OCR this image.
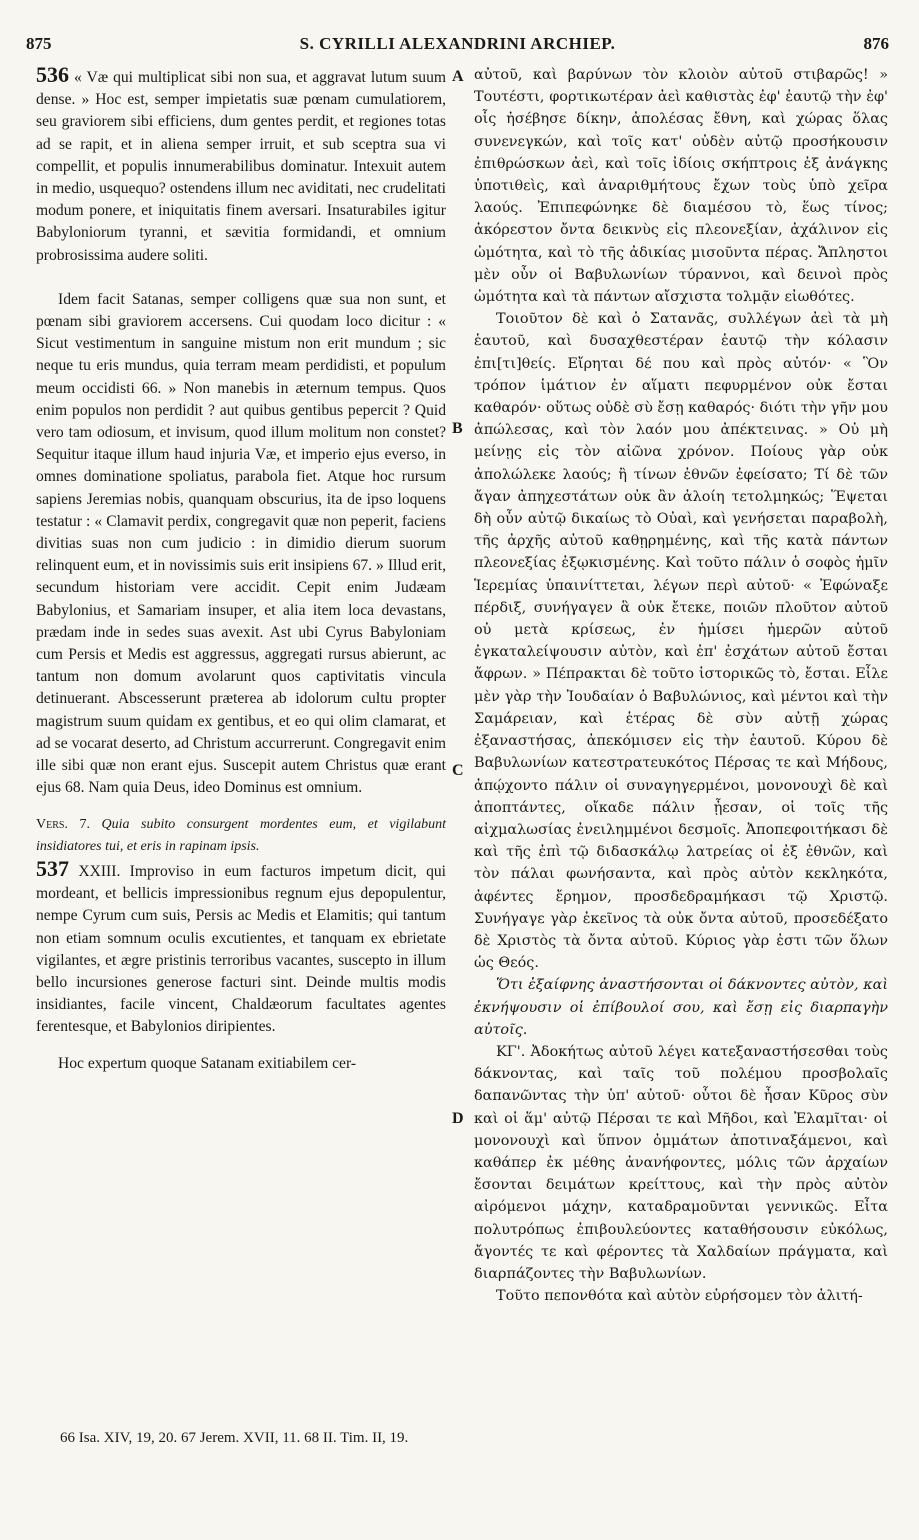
875	S. CYRILLI ALEXANDRINI ARCHIEP.	876

536 « Væ qui multiplicat sibi non sua, et aggravat lutum suum dense. » Hoc est, semper impietatis suæ pœnam cumulatiorem, seu graviorem sibi efficiens, dum gentes perdit, et regiones totas ad se rapit, et in aliena semper irruit, et sub sceptra sua vi compellit, et populis innumerabilibus dominatur. Intexuit autem in medio, usquequo? ostendens illum nec aviditati, nec crudelitati modum ponere, et iniquitatis finem aversari. Insaturabiles igitur Babyloniorum tyranni, et sævitia formidandi, et omnium probrosissima audere soliti.

Idem facit Satanas, semper colligens quæ sua non sunt, et pœnam sibi graviorem accersens. Cui quodam loco dicitur : « Sicut vestimentum in sanguine mistum non erit mundum ; sic neque tu eris mundus, quia terram meam perdidisti, et populum meum occidisti 66. » Non manebis in æternum tempus. Quos enim populos non perdidit ? aut quibus gentibus pepercit ? Quid vero tam odiosum, et invisum, quod illum molitum non constet? Sequitur itaque illum haud injuria Væ, et imperio ejus everso, in omnes dominatione spoliatus, parabola fiet. Atque hoc rursum sapiens Jeremias nobis, quanquam obscurius, ita de ipso loquens testatur : « Clamavit perdix, congregavit quæ non peperit, faciens divitias suas non cum judicio : in dimidio dierum suorum relinquent eum, et in novissimis suis erit insipiens 67. » Illud erit, secundum historiam vere accidit. Cepit enim Judæam Babylonius, et Samariam insuper, et alia item loca devastans, prædam inde in sedes suas avexit. Ast ubi Cyrus Babyloniam cum Persis et Medis est aggressus, aggregati rursus abierunt, ac tantum non domum avolarunt quos captivitatis vincula detinuerant. Abscesserunt præterea ab idolorum cultu propter magistrum suum quidam ex gentibus, et eo qui olim clamarat, et ad se vocarat deserto, ad Christum accurrerunt. Congregavit enim ille sibi quæ non erant ejus. Suscepit autem Christus quæ erant ejus 68. Nam quia Deus, ideo Dominus est omnium.

Vers. 7. Quia subito consurgent mordentes eum, et vigilabunt insidiatores tui, et eris in rapinam ipsis.

537 XXIII. Improviso in eum facturos impetum dicit, qui mordeant, et bellicis impressionibus regnum ejus depopulentur, nempe Cyrum cum suis, Persis ac Medis et Elamitis; qui tantum non etiam somnum oculis excutientes, et tanquam ex ebrietate vigilantes, et ægre pristinis terroribus vacantes, suscepto in illum bello incursiones generose facturi sint. Deinde multis modis insidiantes, facile vincent, Chaldæorum facultates agentes ferentesque, et Babylonios diripientes.

Hoc expertum quoque Satanam exitiabilem cer-

αὐτοῦ, καὶ βαρύνων τὸν κλοιὸν αὐτοῦ στιβαρῶς! » Τουτέστι, φορτικωτέραν ἀεὶ καθιστὰς ἐφ' ἑαυτῷ τὴν ἐφ' οἷς ἠσέβησε δίκην, ἀπολέσας ἔθνη, καὶ χώρας ὅλας συνενεγκών, καὶ τοῖς κατ' οὐδὲν αὐτῷ προσήκουσιν ἐπιθρώσκων ἀεὶ, καὶ τοῖς ἰδίοις σκήπτροις ἐξ ἀνάγκης ὑποτιθεὶς, καὶ ἀναριθμήτους ἔχων τοὺς ὑπὸ χεῖρα λαούς. Ἐπιπεφώνηκε δὲ διαμέσου τὸ, ἕως τίνος; ἀκόρεστον ὄντα δεικνὺς εἰς πλεονεξίαν, ἀχάλινον εἰς ὠμότητα, καὶ τὸ τῆς ἀδικίας μισοῦντα πέρας. Ἄπληστοι μὲν οὖν οἱ Βαβυλωνίων τύραννοι, καὶ δεινοὶ πρὸς ὠμότητα καὶ τὰ πάντων αἴσχιστα τολμᾷν εἰωθότες.

Τοιοῦτον δὲ καὶ ὁ Σατανᾶς, συλλέγων ἀεὶ τὰ μὴ ἑαυτοῦ, καὶ δυσαχθεστέραν ἑαυτῷ τὴν κόλασιν ἐπι[τι]θείς. Εἴρηται δέ που καὶ πρὸς αὐτόν· « Ὃν τρόπον ἱμάτιον ἐν αἵματι πεφυρμένον οὐκ ἔσται καθαρόν· οὕτως οὐδὲ σὺ ἔσῃ καθαρός· διότι τὴν γῆν μου ἀπώλεσας, καὶ τὸν λαόν μου ἀπέκτεινας. » Οὐ μὴ μείνῃς εἰς τὸν αἰῶνα χρόνον. Ποίους γὰρ οὐκ ἀπολώλεκε λαούς; ἢ τίνων ἐθνῶν ἐφείσατο; Τί δὲ τῶν ἄγαν ἀπηχεστάτων οὐκ ἂν ἀλοίη τετολμηκώς; Ἕψεται δὴ οὖν αὐτῷ δικαίως τὸ Οὐαὶ, καὶ γενήσεται παραβολὴ, τῆς ἀρχῆς αὐτοῦ καθῃρημένης, καὶ τῆς κατὰ πάντων πλεονεξίας ἐξῳκισμένης. Καὶ τοῦτο πάλιν ὁ σοφὸς ἡμῖν Ἱερεμίας ὑπαινίττεται, λέγων περὶ αὐτοῦ· « Ἐφώναξε πέρδιξ, συνήγαγεν ἃ οὐκ ἔτεκε, ποιῶν πλοῦτον αὐτοῦ οὐ μετὰ κρίσεως, ἐν ἡμίσει ἡμερῶν αὐτοῦ ἐγκαταλείψουσιν αὐτὸν, καὶ ἐπ' ἐσχάτων αὐτοῦ ἔσται ἄφρων. » Πέπρακται δὲ τοῦτο ἱστορικῶς τὸ, ἔσται. Εἷλε μὲν γὰρ τὴν Ἰουδαίαν ὁ Βαβυλώνιος, καὶ μέντοι καὶ τὴν Σαμάρειαν, καὶ ἑτέρας δὲ σὺν αὐτῇ χώρας ἐξαναστήσας, ἀπεκόμισεν εἰς τὴν ἑαυτοῦ. Κύρου δὲ Βαβυλωνίων κατεστρατευκότος Πέρσας τε καὶ Μήδους, ἀπῴχοντο πάλιν οἱ συναγηγερμένοι, μονονουχὶ δὲ καὶ ἀποπτάντες, οἴκαδε πάλιν ᾖεσαν, οἱ τοῖς τῆς αἰχμαλωσίας ἐνειλημμένοι δεσμοῖς. Ἀποπεφοιτήκασι δὲ καὶ τῆς ἐπὶ τῷ διδασκάλῳ λατρείας οἱ ἐξ ἐθνῶν, καὶ τὸν πάλαι φωνήσαντα, καὶ πρὸς αὐτὸν κεκληκότα, ἀφέντες ἔρημον, προσδεδραμήκασι τῷ Χριστῷ. Συνήγαγε γὰρ ἐκεῖνος τὰ οὐκ ὄντα αὐτοῦ, προσεδέξατο δὲ Χριστὸς τὰ ὄντα αὐτοῦ. Κύριος γὰρ ἐστι τῶν ὅλων ὡς Θεός.

Ὅτι ἐξαίφνης ἀναστήσονται οἱ δάκνοντες αὐτὸν, καὶ ἐκνήψουσιν οἱ ἐπίβουλοί σου, καὶ ἔσῃ εἰς διαρπαγὴν αὐτοῖς.

ΚΓ'. Ἀδοκήτως αὐτοῦ λέγει κατεξαναστήσεσθαι τοὺς δάκνοντας, καὶ ταῖς τοῦ πολέμου προσβολαῖς δαπανῶντας τὴν ὑπ' αὐτοῦ· οὗτοι δὲ ἦσαν Κῦρος σὺν καὶ οἱ ἅμ' αὐτῷ Πέρσαι τε καὶ Μῆδοι, καὶ Ἐλαμῖται· οἱ μονονουχὶ καὶ ὕπνον ὀμμάτων ἀποτιναξάμενοι, καὶ καθάπερ ἐκ μέθης ἀνανήφοντες, μόλις τῶν ἀρχαίων ἔσονται δειμάτων κρείττους, καὶ τὴν πρὸς αὐτὸν αἰρόμενοι μάχην, καταδραμοῦνται γεννικῶς. Εἶτα πολυτρόπως ἐπιβουλεύοντες καταθήσουσιν εὐκόλως, ἄγοντές τε καὶ φέροντες τὰ Χαλδαίων πράγματα, καὶ διαρπάζοντες τὴν Βαβυλωνίων.

Τοῦτο πεπονθότα καὶ αὐτὸν εὑρήσομεν τὸν ἀλιτή-

A
B
C
D
66 Isa. XIV, 19, 20. 67 Jerem. XVII, 11. 68 II. Tim. II, 19.
